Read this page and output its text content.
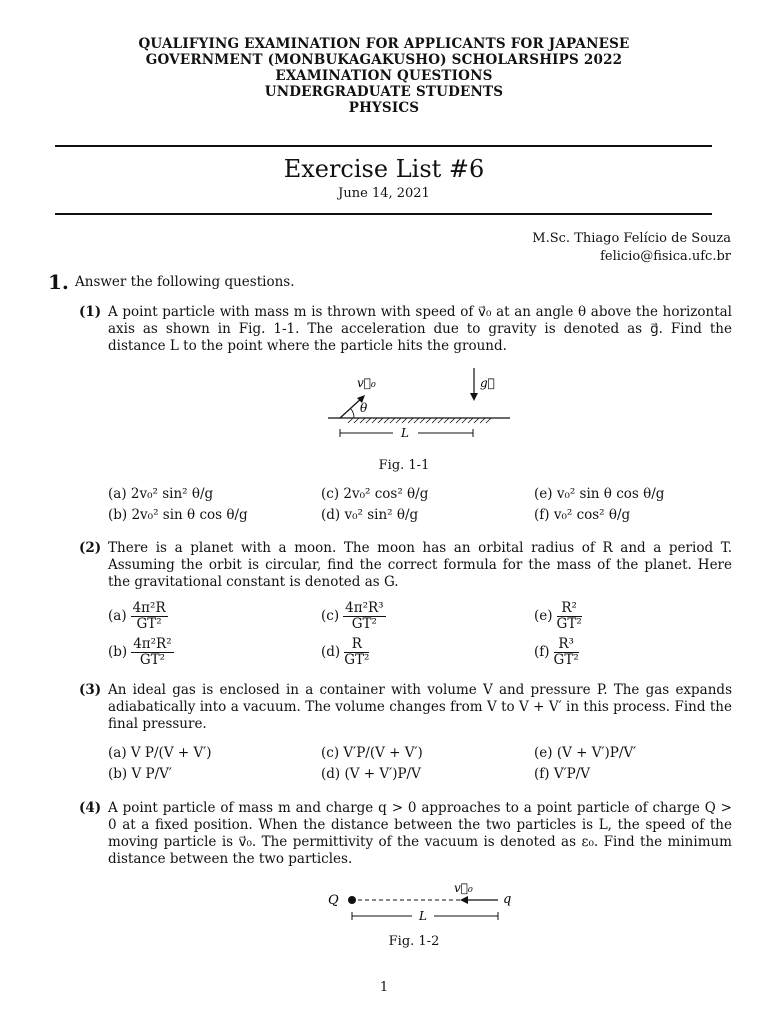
QUALIFYING EXAMINATION FOR APPLICANTS FOR JAPANESE
GOVERNMENT (MONBUKAGAKUSHO) SCHOLARSHIPS 2022
EXAMINATION QUESTIONS
UNDERGRADUATE STUDENTS
PHYSICS
Exercise List #6
June 14, 2021
M.Sc. Thiago Felício de Souza
felicio@fisica.ufc.br
1. Answer the following questions.
(1) A point particle with mass m is thrown with speed of v⃗₀ at an angle θ above the horizontal axis as shown in Fig. 1-1. The acceleration due to gravity is denoted as g⃗. Find the distance L to the point where the particle hits the ground.
θ
v⃗₀	g⃗
L
Fig. 1-1
(a) 2v₀² sin² θ/g
(b) 2v₀² sin θ cos θ/g
(c) 2v₀² cos² θ/g
(d) v₀² sin² θ/g
(e) v₀² sin θ cos θ/g
(f) v₀² cos² θ/g
(2) There is a planet with a moon. The moon has an orbital radius of R and a period T. Assuming the orbit is circular, find the correct formula for the mass of the planet. Here the gravitational constant is denoted as G.
$(a) \frac{\text{4π²R}}{\text{GT²}}$
$(b) \frac{\text{4π²R²}}{\text{GT²}}$
$(c) \frac{\text{4π²R³}}{\text{GT²}}$
$(d) \frac{R}{\text{GT²}}$
$(e) \frac{\text{R²}}{\text{GT²}}$
$(f) \frac{\text{R³}}{\text{GT²}}$
(3) An ideal gas is enclosed in a container with volume V and pressure P. The gas expands adiabatically into a vacuum. The volume changes from V to V + V′ in this process. Find the final pressure.
(a) V P/(V + V′)
(b) V P/V′
(c) V′P/(V + V′)
(d) (V + V′)P/V
(e) (V + V′)P/V′
(f) V′P/V
(4) A point particle of mass m and charge q > 0 approaches to a point particle of charge Q > 0 at a fixed position. When the distance between the two particles is L, the speed of the moving particle is v⃗₀. The permittivity of the vacuum is denoted as ε₀. Find the minimum distance between the two particles.
Q
v⃗₀
q
L
Fig. 1-2
1
